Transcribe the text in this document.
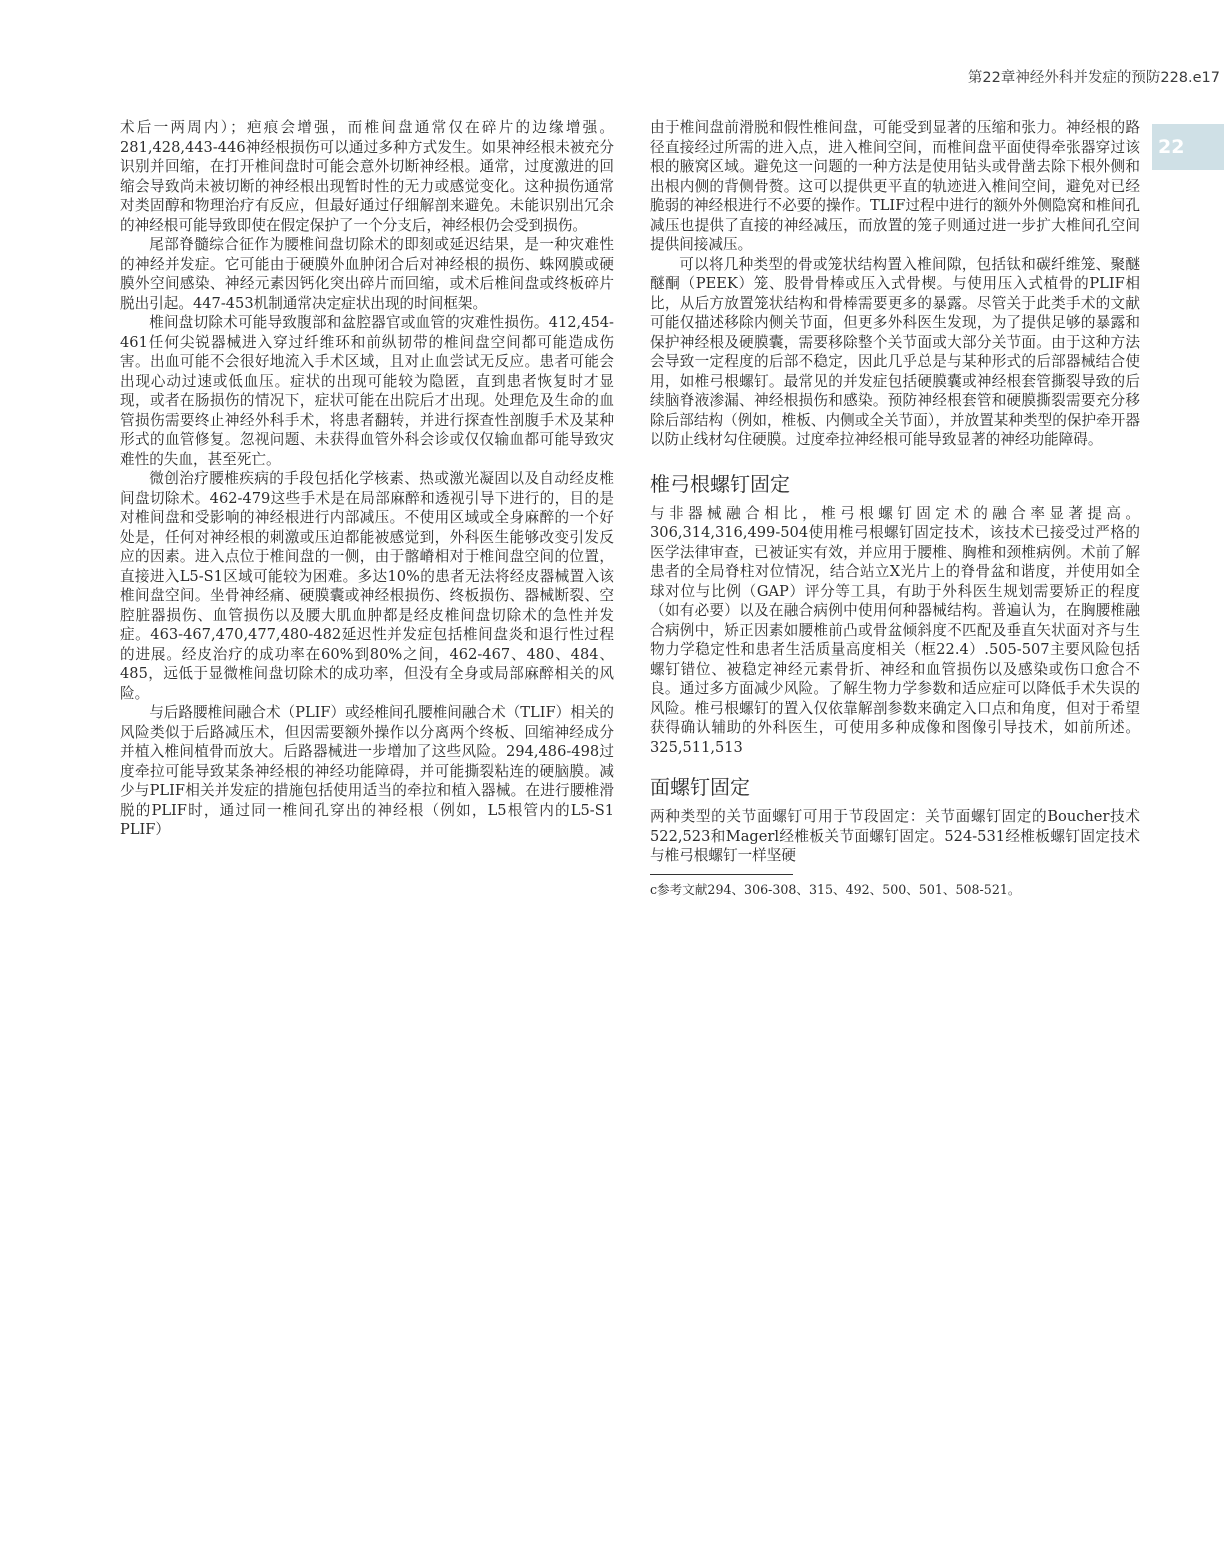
第22章神经外科并发症的预防228.e17
22

术后一两周内）；疤痕会增强，而椎间盘通常仅在碎片的边缘增强。281,428,443-446神经根损伤可以通过多种方式发生。如果神经根未被充分识别并回缩，在打开椎间盘时可能会意外切断神经根。通常，过度激进的回缩会导致尚未被切断的神经根出现暂时性的无力或感觉变化。这种损伤通常对类固醇和物理治疗有反应，但最好通过仔细解剖来避免。未能识别出冗余的神经根可能导致即使在假定保护了一个分支后，神经根仍会受到损伤。

尾部脊髓综合征作为腰椎间盘切除术的即刻或延迟结果，是一种灾难性的神经并发症。它可能由于硬膜外血肿闭合后对神经根的损伤、蛛网膜或硬膜外空间感染、神经元素因钙化突出碎片而回缩，或术后椎间盘或终板碎片脱出引起。447-453机制通常决定症状出现的时间框架。

椎间盘切除术可能导致腹部和盆腔器官或血管的灾难性损伤。412,454-461任何尖锐器械进入穿过纤维环和前纵韧带的椎间盘空间都可能造成伤害。出血可能不会很好地流入手术区域，且对止血尝试无反应。患者可能会出现心动过速或低血压。症状的出现可能较为隐匿，直到患者恢复时才显现，或者在肠损伤的情况下，症状可能在出院后才出现。处理危及生命的血管损伤需要终止神经外科手术，将患者翻转，并进行探查性剖腹手术及某种形式的血管修复。忽视问题、未获得血管外科会诊或仅仅输血都可能导致灾难性的失血，甚至死亡。

微创治疗腰椎疾病的手段包括化学核素、热或激光凝固以及自动经皮椎间盘切除术。462-479这些手术是在局部麻醉和透视引导下进行的，目的是对椎间盘和受影响的神经根进行内部减压。不使用区域或全身麻醉的一个好处是，任何对神经根的刺激或压迫都能被感觉到，外科医生能够改变引发反应的因素。进入点位于椎间盘的一侧，由于髂嵴相对于椎间盘空间的位置，直接进入L5-S1区域可能较为困难。多达10%的患者无法将经皮器械置入该椎间盘空间。坐骨神经痛、硬膜囊或神经根损伤、终板损伤、器械断裂、空腔脏器损伤、血管损伤以及腰大肌血肿都是经皮椎间盘切除术的急性并发症。463-467,470,477,480-482延迟性并发症包括椎间盘炎和退行性过程的进展。经皮治疗的成功率在60%到80%之间，462-467、480、484、485，远低于显微椎间盘切除术的成功率，但没有全身或局部麻醉相关的风险。

与后路腰椎间融合术（PLIF）或经椎间孔腰椎间融合术（TLIF）相关的风险类似于后路减压术，但因需要额外操作以分离两个终板、回缩神经成分并植入椎间植骨而放大。后路器械进一步增加了这些风险。294,486-498过度牵拉可能导致某条神经根的神经功能障碍，并可能撕裂粘连的硬脑膜。减少与PLIF相关并发症的措施包括使用适当的牵拉和植入器械。在进行腰椎滑脱的PLIF时，通过同一椎间孔穿出的神经根（例如，L5根管内的L5-S1 PLIF）

由于椎间盘前滑脱和假性椎间盘，可能受到显著的压缩和张力。神经根的路径直接经过所需的进入点，进入椎间空间，而椎间盘平面使得牵张器穿过该根的腋窝区域。避免这一问题的一种方法是使用钻头或骨凿去除下根外侧和出根内侧的背侧骨赘。这可以提供更平直的轨迹进入椎间空间，避免对已经脆弱的神经根进行不必要的操作。TLIF过程中进行的额外外侧隐窝和椎间孔减压也提供了直接的神经减压，而放置的笼子则通过进一步扩大椎间孔空间提供间接减压。

可以将几种类型的骨或笼状结构置入椎间隙，包括钛和碳纤维笼、聚醚醚酮（PEEK）笼、股骨骨棒或压入式骨楔。与使用压入式植骨的PLIF相比，从后方放置笼状结构和骨棒需要更多的暴露。尽管关于此类手术的文献可能仅描述移除内侧关节面，但更多外科医生发现，为了提供足够的暴露和保护神经根及硬膜囊，需要移除整个关节面或大部分关节面。由于这种方法会导致一定程度的后部不稳定，因此几乎总是与某种形式的后部器械结合使用，如椎弓根螺钉。最常见的并发症包括硬膜囊或神经根套管撕裂导致的后续脑脊液渗漏、神经根损伤和感染。预防神经根套管和硬膜撕裂需要充分移除后部结构（例如，椎板、内侧或全关节面），并放置某种类型的保护牵开器以防止线材勾住硬膜。过度牵拉神经根可能导致显著的神经功能障碍。

椎弓根螺钉固定

与非器械融合相比，椎弓根螺钉固定术的融合率显著提高。306,314,316,499-504使用椎弓根螺钉固定技术，该技术已接受过严格的医学法律审查，已被证实有效，并应用于腰椎、胸椎和颈椎病例。术前了解患者的全局脊柱对位情况，结合站立X光片上的脊骨盆和谐度，并使用如全球对位与比例（GAP）评分等工具，有助于外科医生规划需要矫正的程度（如有必要）以及在融合病例中使用何种器械结构。普遍认为，在胸腰椎融合病例中，矫正因素如腰椎前凸或骨盆倾斜度不匹配及垂直矢状面对齐与生物力学稳定性和患者生活质量高度相关（框22.4）.505-507主要风险包括螺钉错位、被稳定神经元素骨折、神经和血管损伤以及感染或伤口愈合不良。通过多方面减少风险。了解生物力学参数和适应症可以降低手术失误的风险。椎弓根螺钉的置入仅依靠解剖参数来确定入口点和角度，但对于希望获得确认辅助的外科医生，可使用多种成像和图像引导技术，如前所述。325,511,513

面螺钉固定

两种类型的关节面螺钉可用于节段固定：关节面螺钉固定的Boucher技术522,523和Magerl经椎板关节面螺钉固定。524-531经椎板螺钉固定技术与椎弓根螺钉一样坚硬

c参考文献294、306-308、315、492、500、501、508-521。
